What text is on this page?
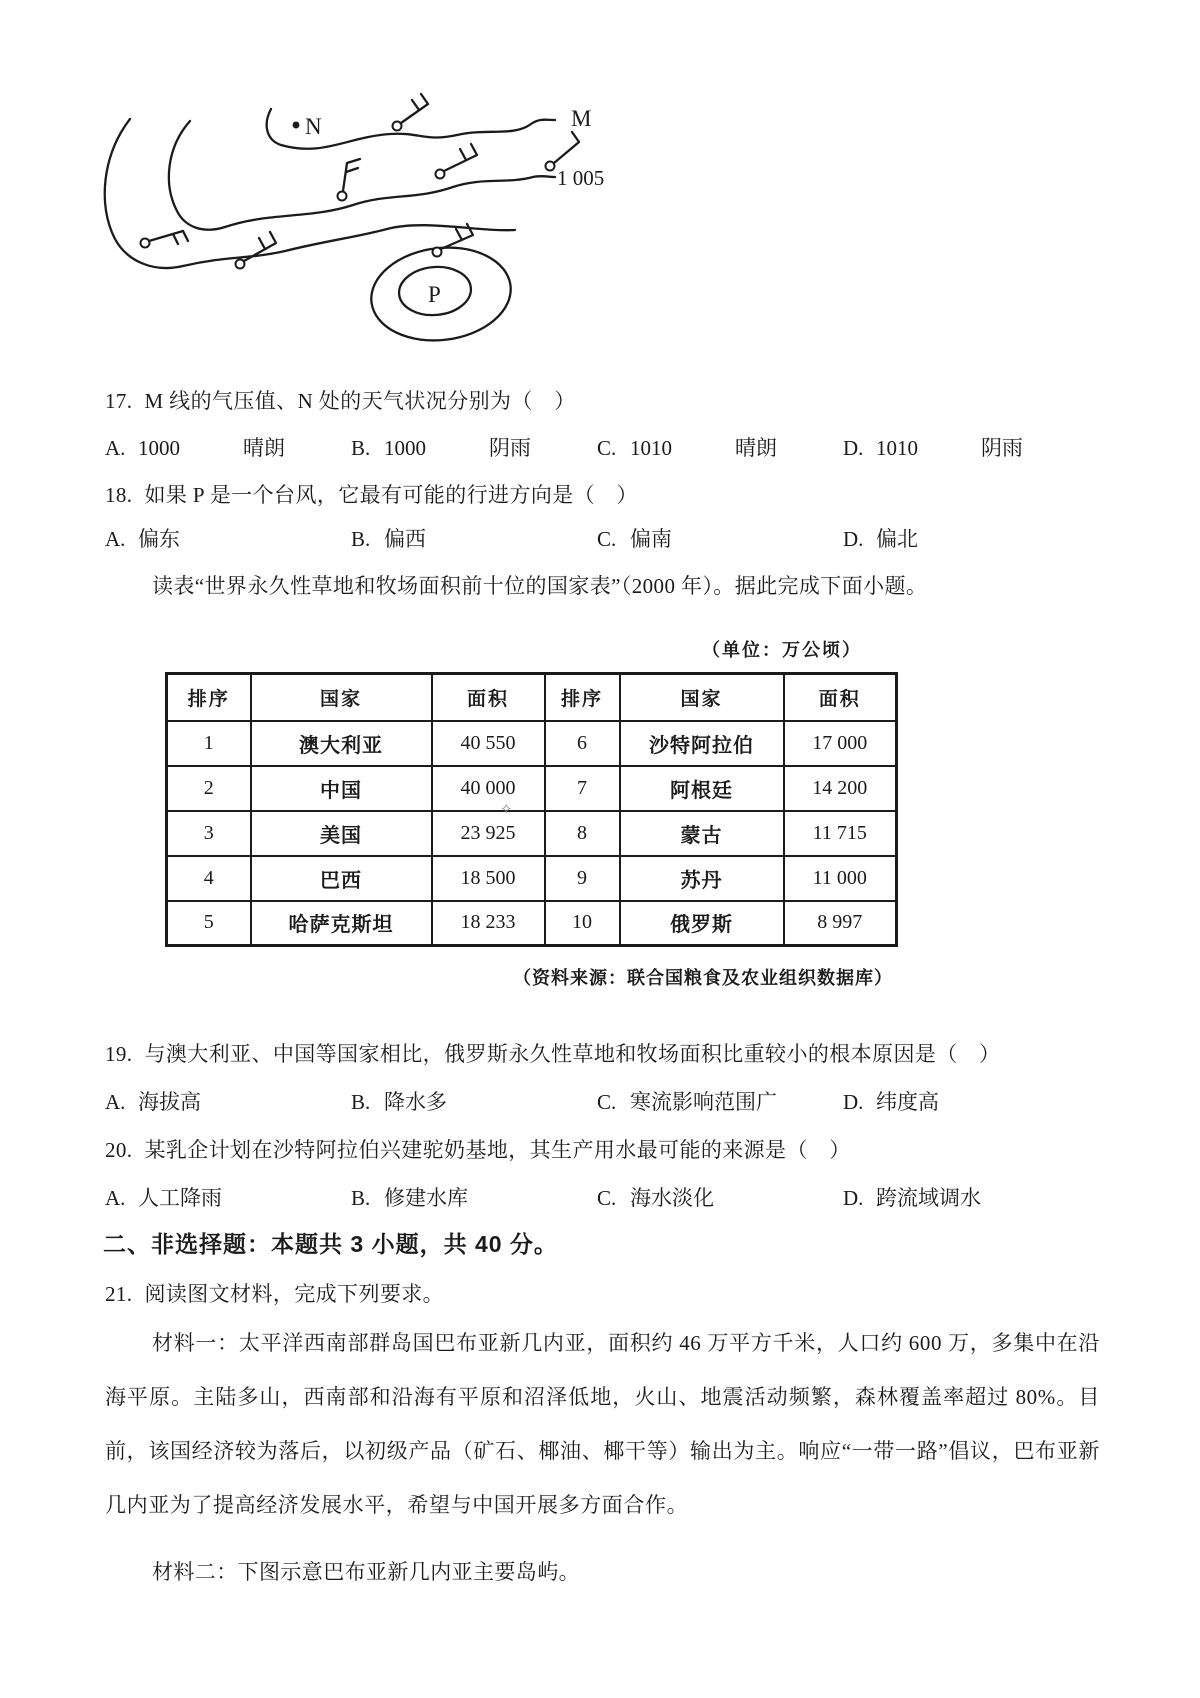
N	M
1 005
P
17. M 线的气压值、N 处的天气状况分别为（　）
A. 1000	晴朗	B. 1000	阴雨	C. 1010	晴朗	D. 1010	阴雨
18. 如果 P 是一个台风，它最有可能的行进方向是（　）
A. 偏东	B. 偏西	C. 偏南	D. 偏北
读表“世界永久性草地和牧场面积前十位的国家表”（2000 年）。据此完成下面小题。
（单位：万公顷）
排序	国家	面积	排序	国家	面积
1	澳大利亚	40 550	6	沙特阿拉伯	17 000
2	中国	40 000	7	阿根廷	14 200
3	美国	23 925	8	蒙古	11 715
4	巴西	18 500	9	苏丹	11 000
5	哈萨克斯坦	18 233	10	俄罗斯	8 997
✧
（资料来源：联合国粮食及农业组织数据库）
19. 与澳大利亚、中国等国家相比，俄罗斯永久性草地和牧场面积比重较小的根本原因是（　）
A. 海拔高	B. 降水多	C. 寒流影响范围广	D. 纬度高
20. 某乳企计划在沙特阿拉伯兴建驼奶基地，其生产用水最可能的来源是（　）
A. 人工降雨	B. 修建水库	C. 海水淡化	D. 跨流域调水
二、非选择题：本题共 3 小题，共 40 分。
21. 阅读图文材料，完成下列要求。

材料一：太平洋西南部群岛国巴布亚新几内亚，面积约 46 万平方千米，人口约 600 万，多集中在沿海平原。主陆多山，西南部和沿海有平原和沼泽低地，火山、地震活动频繁，森林覆盖率超过 80%。目前，该国经济较为落后，以初级产品（矿石、椰油、椰干等）输出为主。响应“一带一路”倡议，巴布亚新几内亚为了提高经济发展水平，希望与中国开展多方面合作。

材料二：下图示意巴布亚新几内亚主要岛屿。
